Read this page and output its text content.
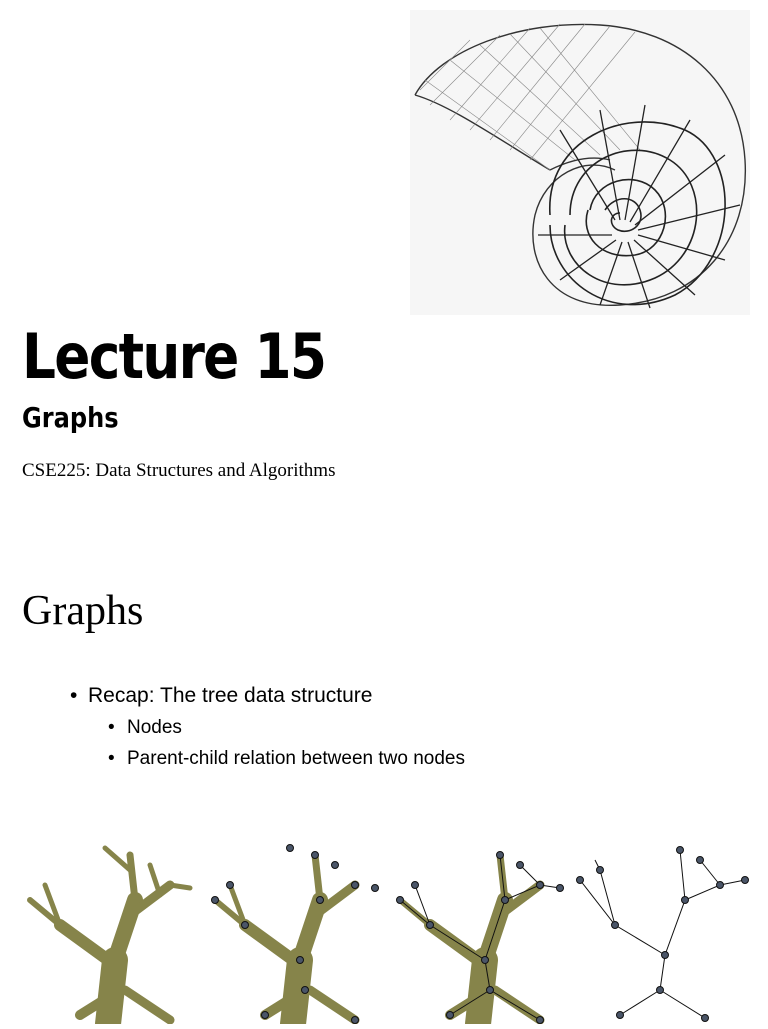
Lecture 15
Graphs
CSE225: Data Structures and Algorithms
Graphs
• Recap: The tree data structure
• Nodes
• Parent-child relation between two nodes
